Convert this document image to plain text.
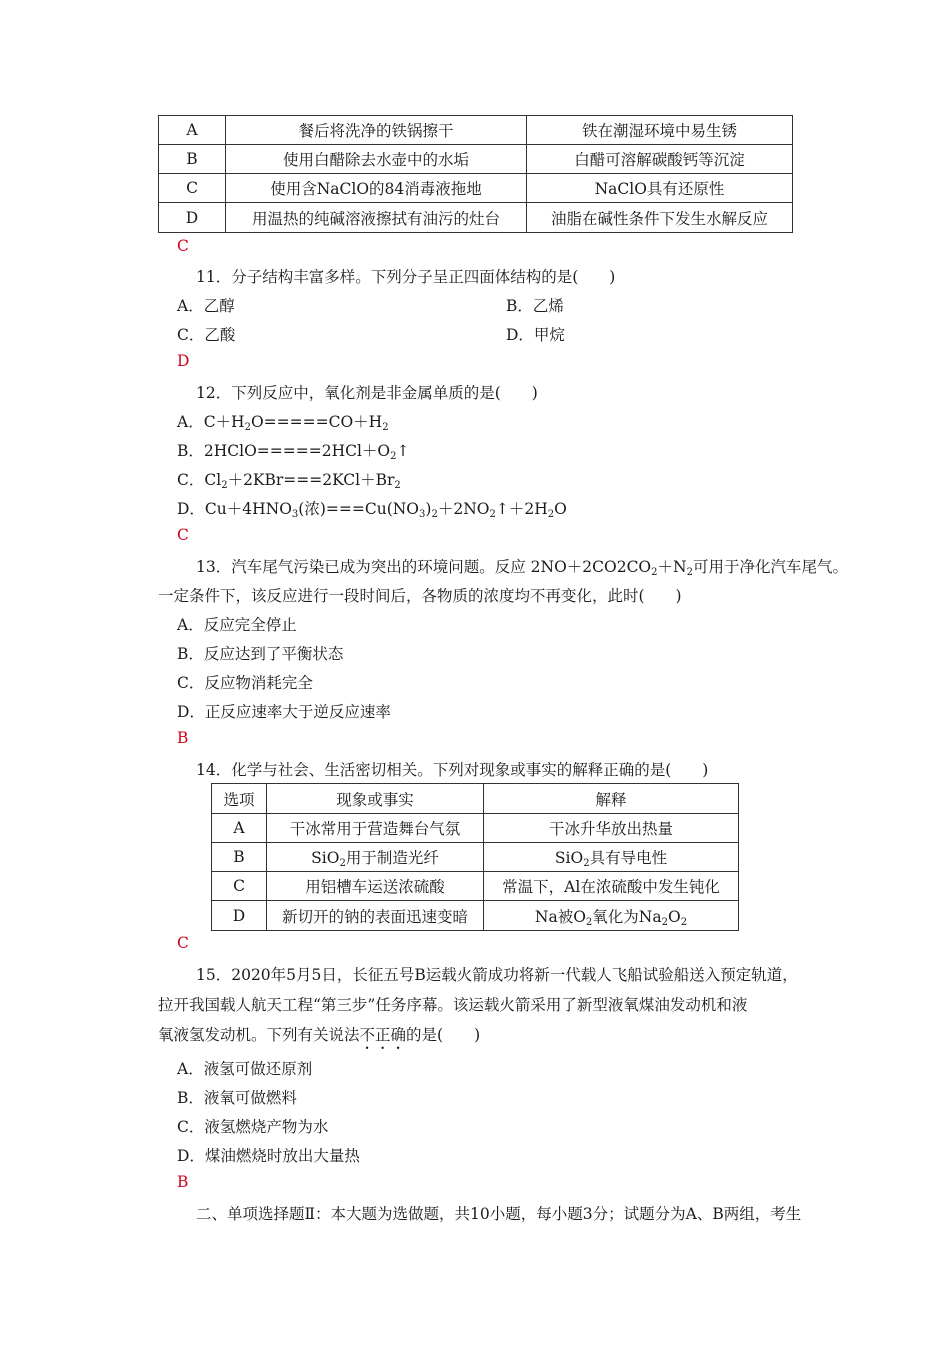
A	餐后将洗净的铁锅擦干	铁在潮湿环境中易生锈
B	使用白醋除去水壶中的水垢	白醋可溶解碳酸钙等沉淀
C	使用含NaClO的84消毒液拖地	NaClO具有还原性
D	用温热的纯碱溶液擦拭有油污的灶台	油脂在碱性条件下发生水解反应
C
11．分子结构丰富多样。下列分子呈正四面体结构的是(　　)
A．乙醇	B．乙烯
C．乙酸	D．甲烷
D
12．下列反应中，氧化剂是非金属单质的是(　　)
A．$C+H_2O=====CO+H_2$
B．$2HClO=====2HCl+O_2↑$
C．$Cl_2+2KBr===2KCl+Br_2$
D．$Cu+4HNO_3$(浓)$===Cu(NO_3)_2+2NO_2↑+2H_2O$
C
13．汽车尾气污染已成为突出的环境问题。反应 $2NO+2CO2CO_2+N_2$可用于净化汽车尾气。
一定条件下，该反应进行一段时间后，各物质的浓度均不再变化，此时(　　)
A．反应完全停止
B．反应达到了平衡状态
C．反应物消耗完全
D．正反应速率大于逆反应速率
B
14．化学与社会、生活密切相关。下列对现象或事实的解释正确的是(　　)
选项	现象或事实	解释
A	干冰常用于营造舞台气氛	干冰升华放出热量
B	SiO$_2$用于制造光纤	SiO$_2$具有导电性
C	用铝槽车运送浓硫酸	常温下，Al在浓硫酸中发生钝化
D	新切开的钠的表面迅速变暗	Na被$O_2$氧化为$Na_2O_2$
C
15．2020年5月5日，长征五号B运载火箭成功将新一代载人飞船试验船送入预定轨道，
拉开我国载人航天工程“第三步”任务序幕。该运载火箭采用了新型液氧煤油发动机和液
氧液氢发动机。下列有关说法不正确的是(　　)
A．液氢可做还原剂
B．液氧可做燃料
C．液氢燃烧产物为水
D．煤油燃烧时放出大量热
B
二、单项选择题Ⅱ：本大题为选做题，共10小题，每小题3分；试题分为A、B两组，考生
